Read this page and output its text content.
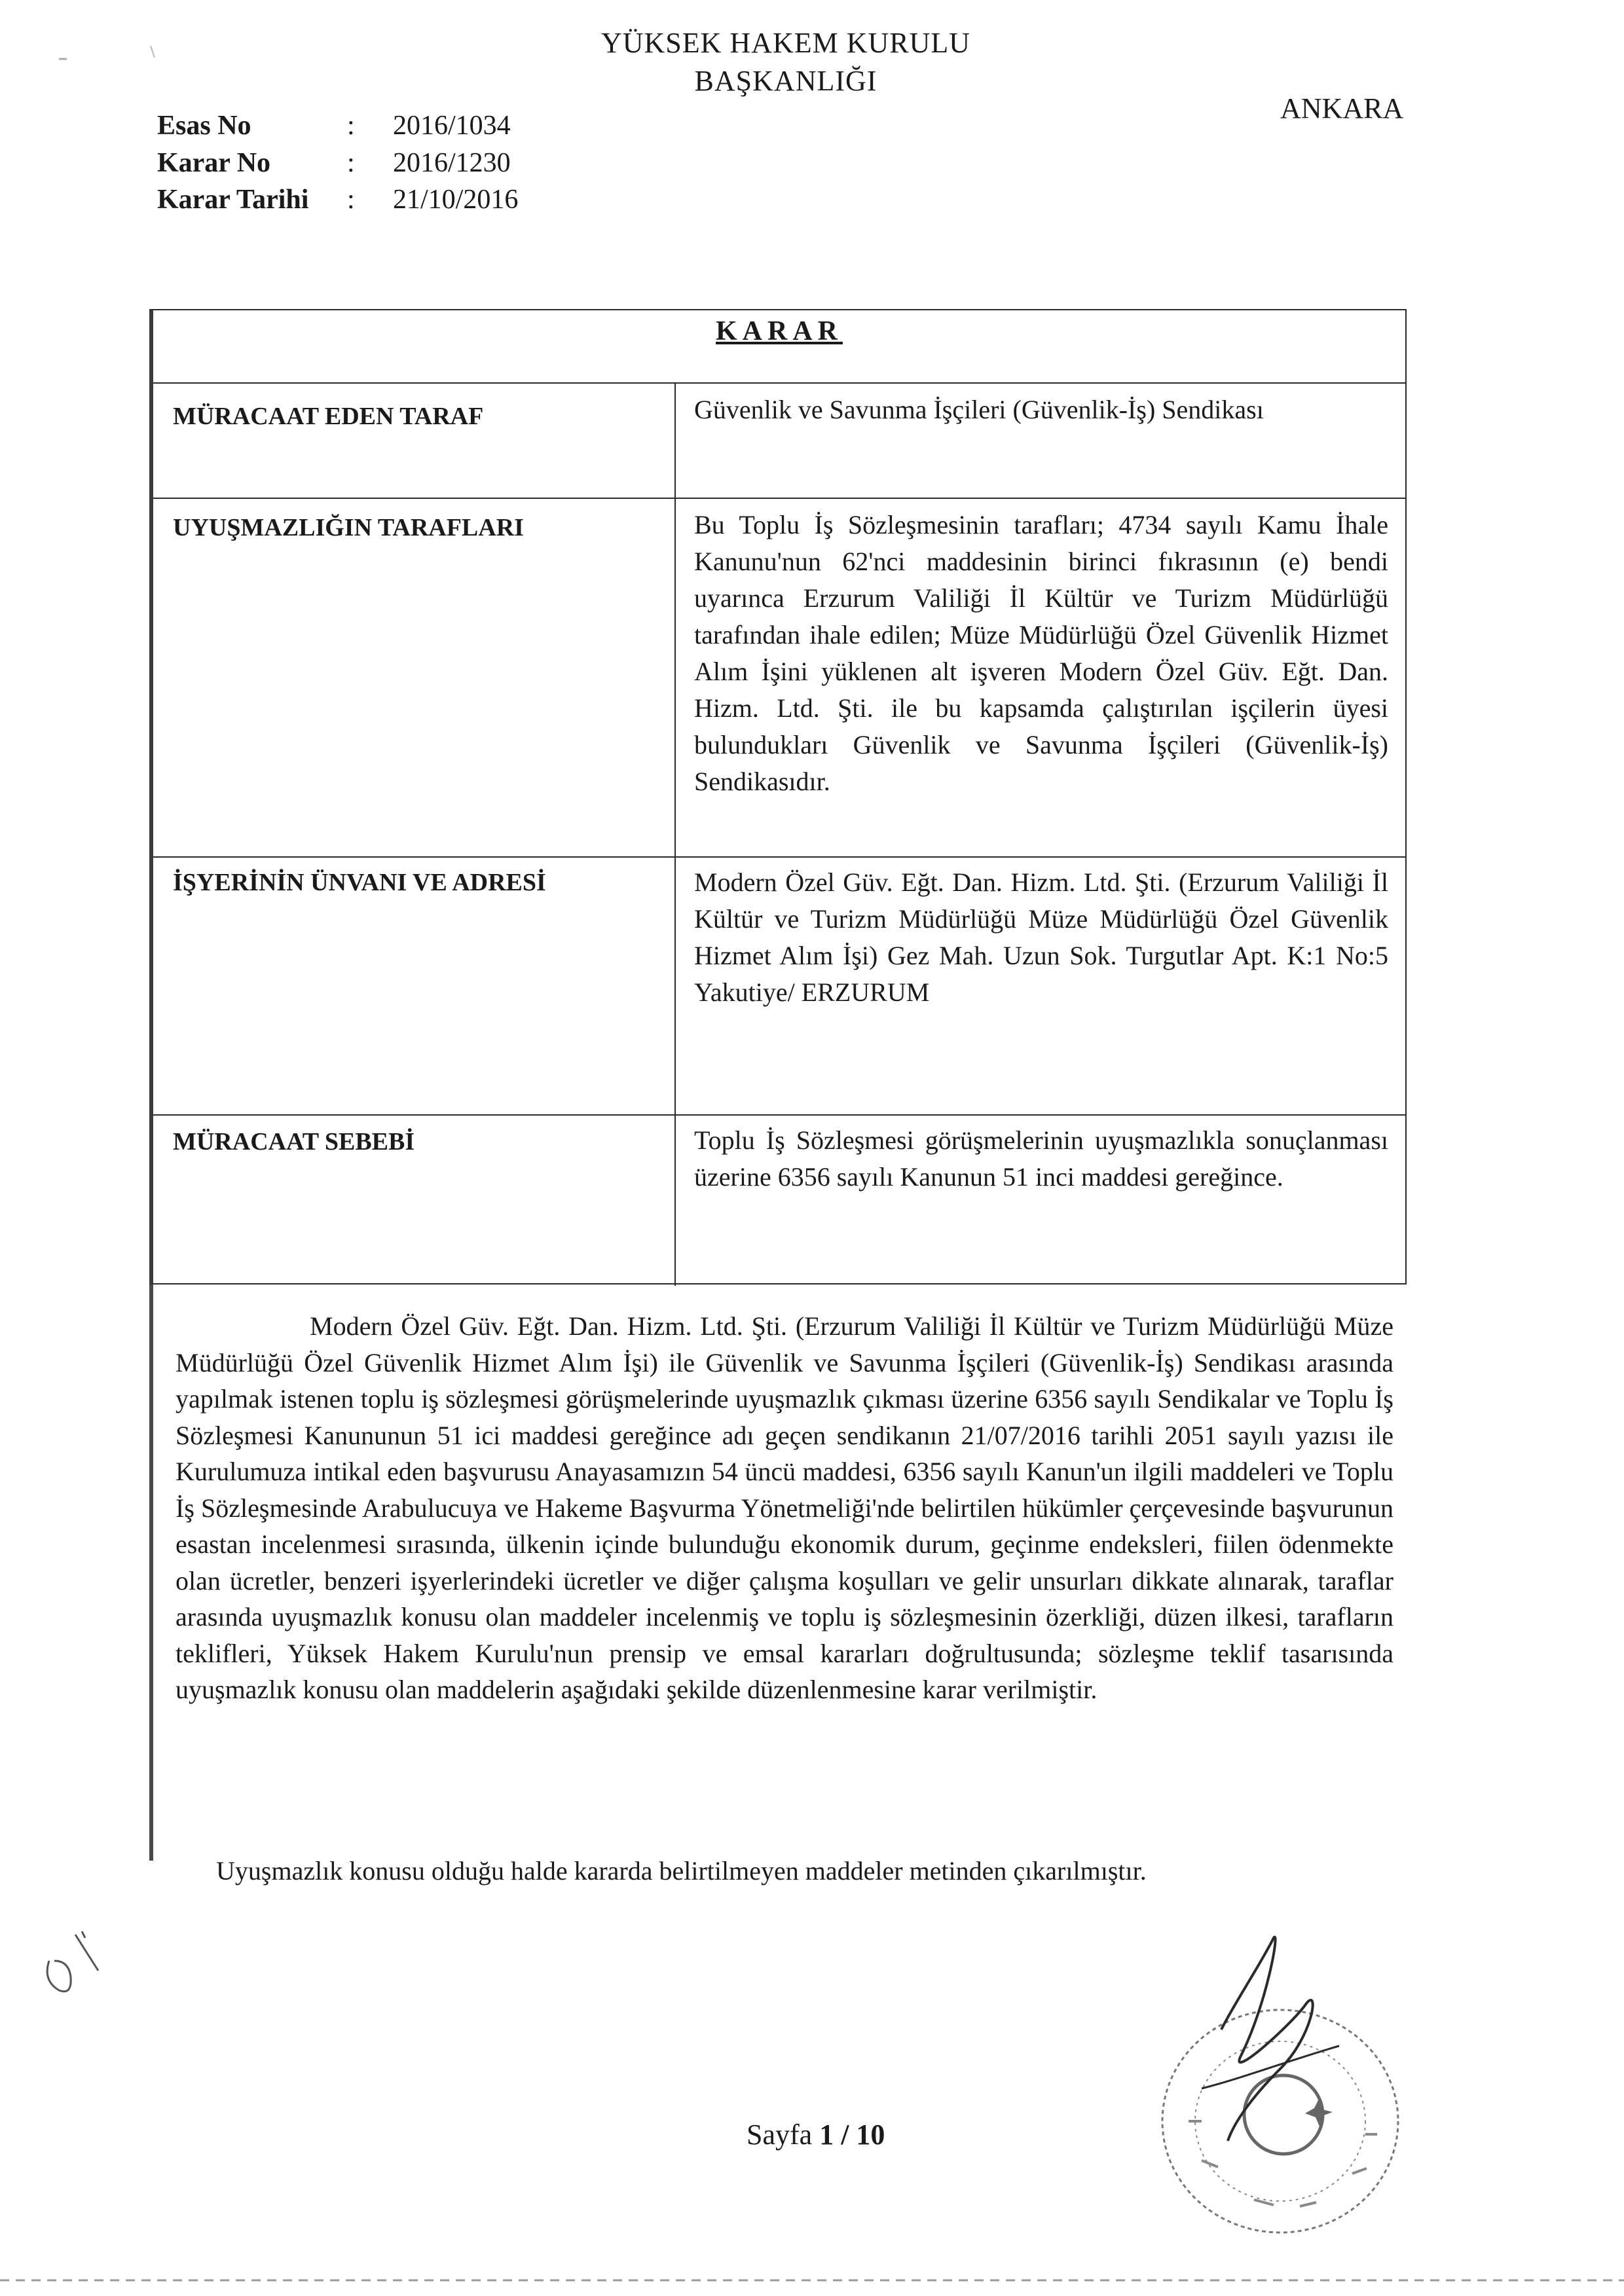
YÜKSEK HAKEM KURULU
BAŞKANLIĞI
ANKARA
Esas No	: 2016/1034
Karar No	: 2016/1230
Karar Tarihi : 21/10/2016
KARAR
MÜRACAAT EDEN TARAF	Güvenlik ve Savunma İşçileri (Güvenlik-İş) Sendikası
UYUŞMAZLIĞIN TARAFLARI	Bu Toplu İş Sözleşmesinin tarafları; 4734 sayılı Kamu İhale Kanunu'nun 62'nci maddesinin birinci fıkrasının (e) bendi uyarınca Erzurum Valiliği İl Kültür ve Turizm Müdürlüğü tarafından ihale edilen; Müze Müdürlüğü Özel Güvenlik Hizmet Alım İşini yüklenen alt işveren Modern Özel Güv. Eğt. Dan. Hizm. Ltd. Şti. ile bu kapsamda çalıştırılan işçilerin üyesi bulundukları Güvenlik ve Savunma İşçileri (Güvenlik-İş) Sendikasıdır.
İŞYERİNİN ÜNVANI VE ADRESİ	Modern Özel Güv. Eğt. Dan. Hizm. Ltd. Şti. (Erzurum Valiliği İl Kültür ve Turizm Müdürlüğü Müze Müdürlüğü Özel Güvenlik Hizmet Alım İşi) Gez Mah. Uzun Sok. Turgutlar Apt. K:1 No:5 Yakutiye/ ERZURUM
MÜRACAAT SEBEBİ	Toplu İş Sözleşmesi görüşmelerinin uyuşmazlıkla sonuçlanması üzerine 6356 sayılı Kanunun 51 inci maddesi gereğince.

Modern Özel Güv. Eğt. Dan. Hizm. Ltd. Şti. (Erzurum Valiliği İl Kültür ve Turizm Müdürlüğü Müze Müdürlüğü Özel Güvenlik Hizmet Alım İşi) ile Güvenlik ve Savunma İşçileri (Güvenlik-İş) Sendikası arasında yapılmak istenen toplu iş sözleşmesi görüşmelerinde uyuşmazlık çıkması üzerine 6356 sayılı Sendikalar ve Toplu İş Sözleşmesi Kanununun 51 ici maddesi gereğince adı geçen sendikanın 21/07/2016 tarihli 2051 sayılı yazısı ile Kurulumuza intikal eden başvurusu Anayasamızın 54 üncü maddesi, 6356 sayılı Kanun'un ilgili maddeleri ve Toplu İş Sözleşmesinde Arabulucuya ve Hakeme Başvurma Yönetmeliği'nde belirtilen hükümler çerçevesinde başvurunun esastan incelenmesi sırasında, ülkenin içinde bulunduğu ekonomik durum, geçinme endeksleri, fiilen ödenmekte olan ücretler, benzeri işyerlerindeki ücretler ve diğer çalışma koşulları ve gelir unsurları dikkate alınarak, taraflar arasında uyuşmazlık konusu olan maddeler incelenmiş ve toplu iş sözleşmesinin özerkliği, düzen ilkesi, tarafların teklifleri, Yüksek Hakem Kurulu'nun prensip ve emsal kararları doğrultusunda; sözleşme teklif tasarısında uyuşmazlık konusu olan maddelerin aşağıdaki şekilde düzenlenmesine karar verilmiştir.

Uyuşmazlık konusu olduğu halde kararda belirtilmeyen maddeler metinden çıkarılmıştır.

Sayfa 1 / 10
